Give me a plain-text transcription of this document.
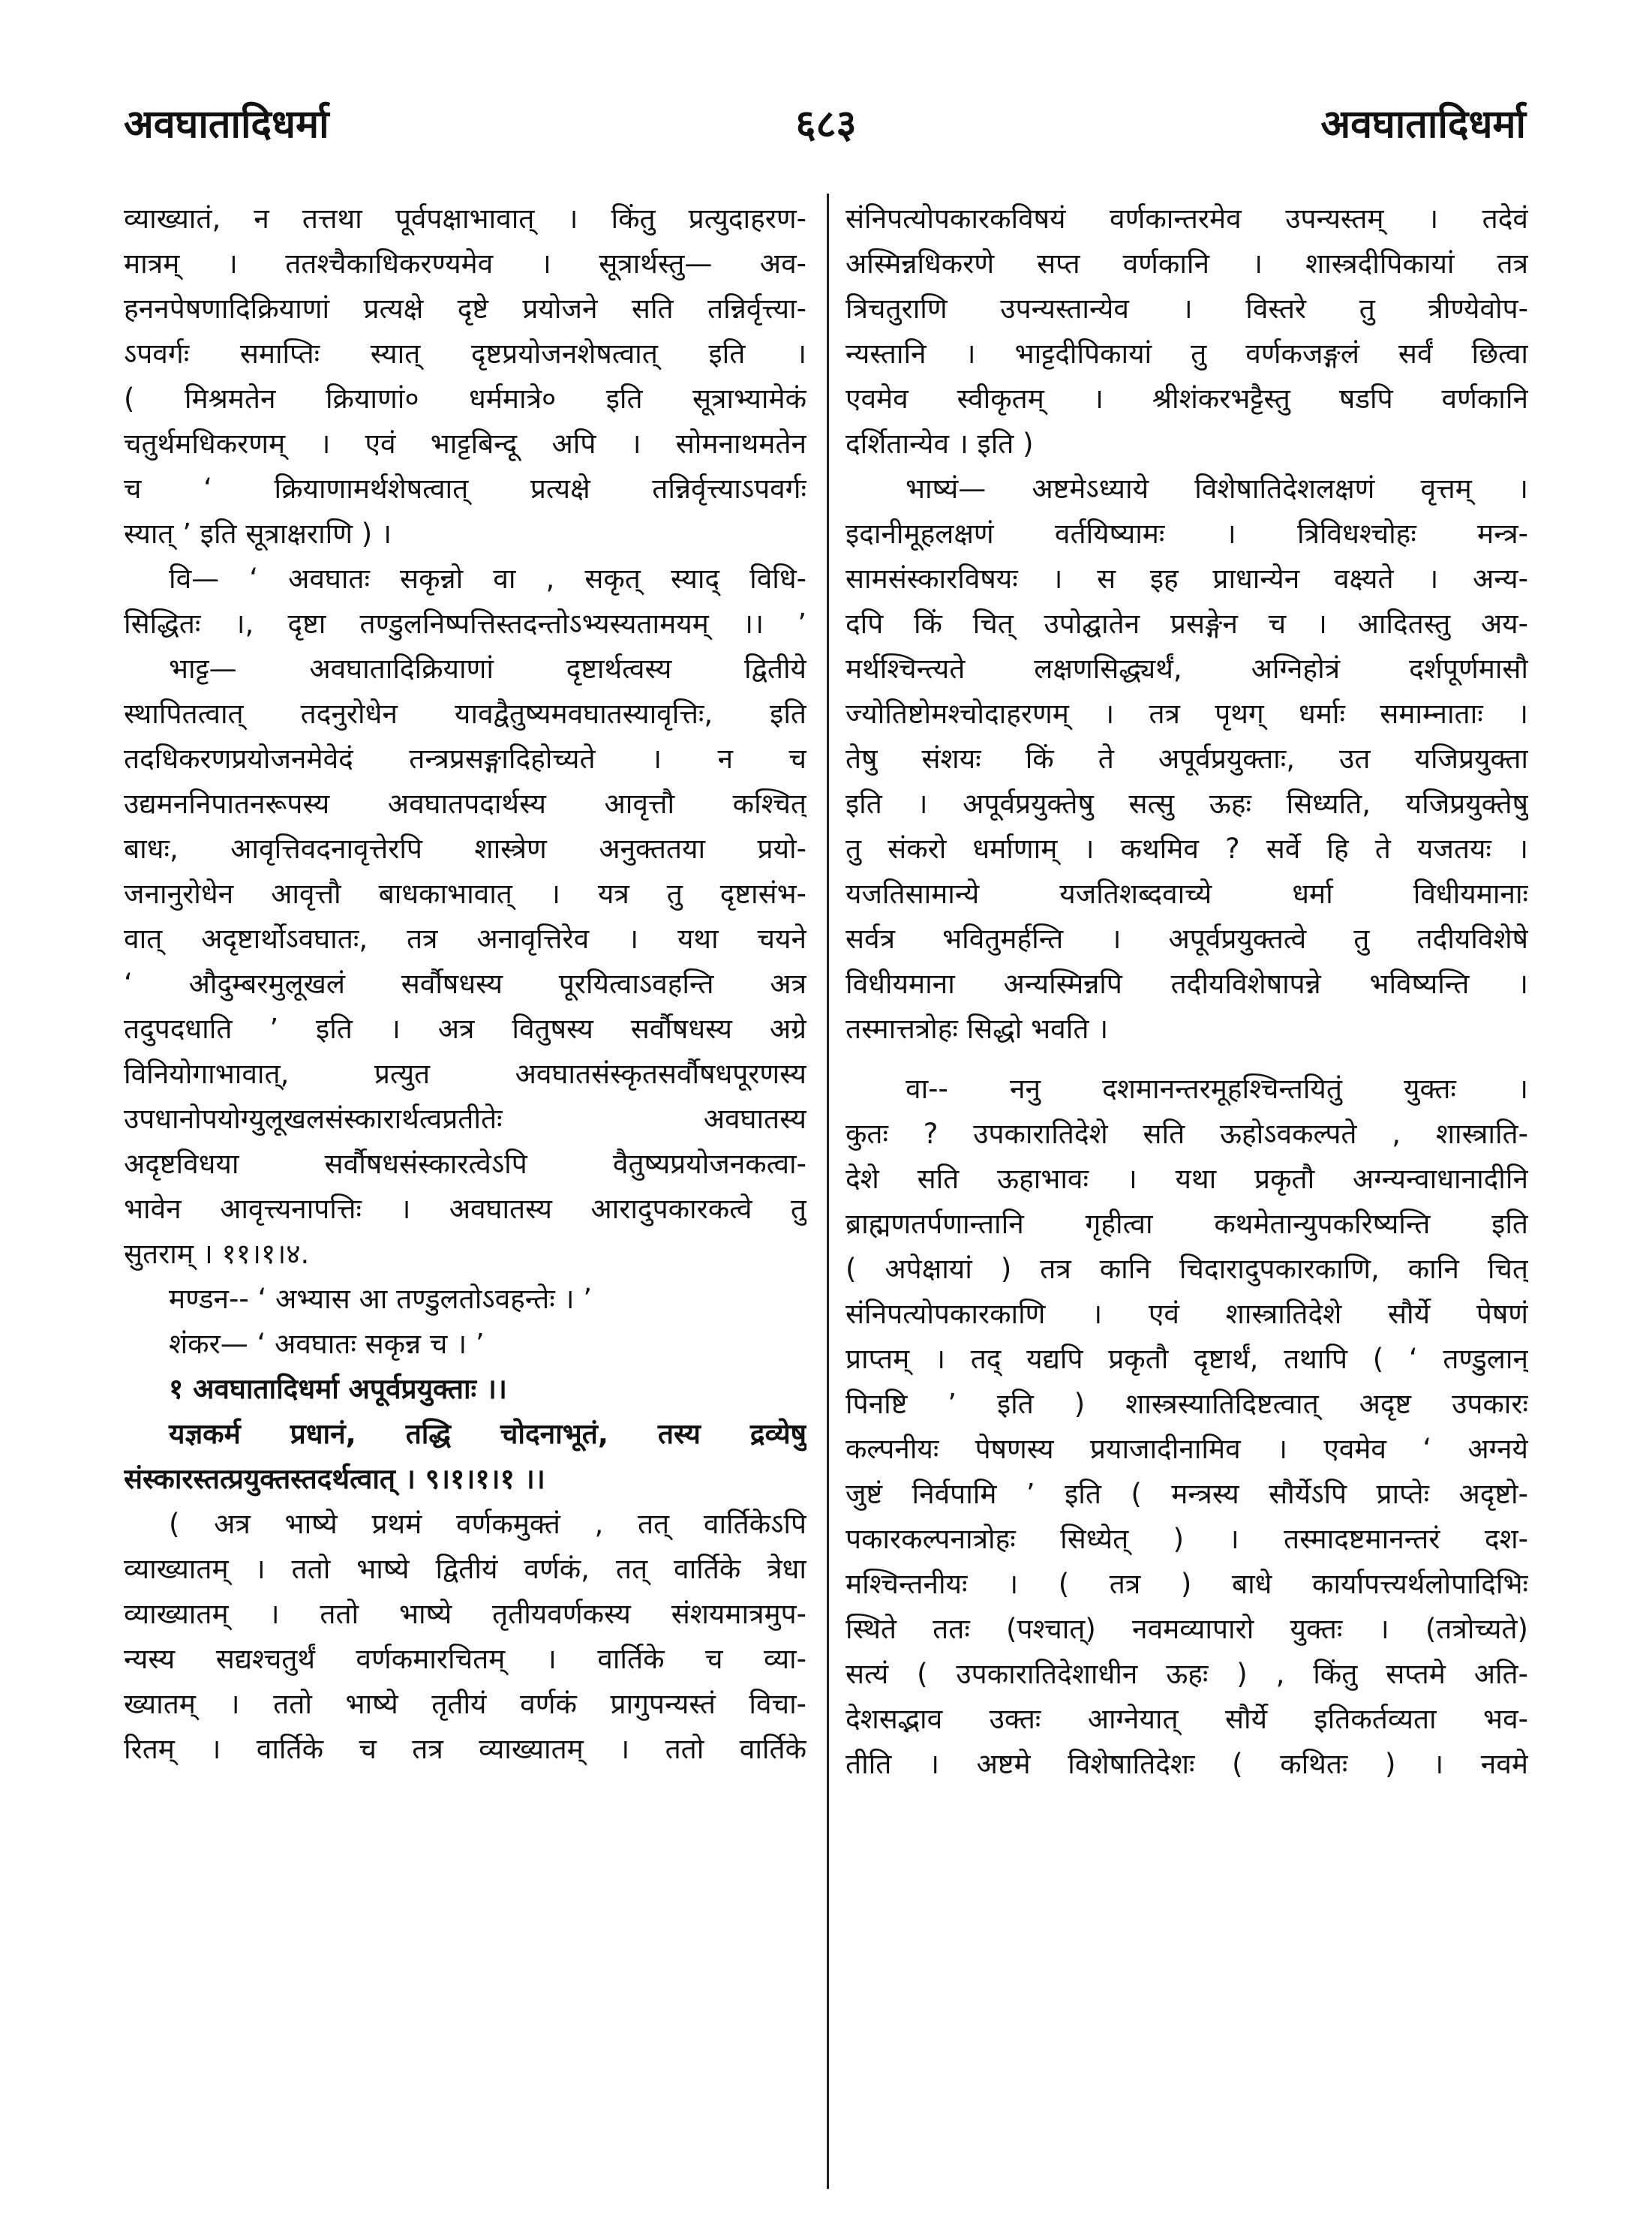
अवघातादिधर्मा	६८३	अवघातादिधर्मा
व्याख्यातं, न तत्तथा पूर्वपक्षाभावात् । किंतु प्रत्युदाहरण-
मात्रम् । ततश्चैकाधिकरण्यमेव । सूत्रार्थस्तु— अव-
हननपेषणादिक्रियाणां प्रत्यक्षे दृष्टे प्रयोजने सति तन्निर्वृत्त्या-
ऽपवर्गः समाप्तिः स्यात् दृष्टप्रयोजनशेषत्वात् इति ।
( मिश्रमतेन क्रियाणां० धर्ममात्रे० इति सूत्राभ्यामेकं
चतुर्थमधिकरणम् । एवं भाट्टबिन्दू अपि । सोमनाथमतेन
च ‘ क्रियाणामर्थशेषत्वात् प्रत्यक्षे तन्निर्वृत्त्याऽपवर्गः
स्यात् ’ इति सूत्राक्षराणि ) ।
वि— ‘ अवघातः सकृन्नो वा , सकृत् स्याद् विधि-
सिद्धितः ।, दृष्टा तण्डुलनिष्पत्तिस्तदन्तोऽभ्यस्यतामयम् ।। ’
भाट्ट— अवघातादिक्रियाणां दृष्टार्थत्वस्य द्वितीये
स्थापितत्वात् तदनुरोधेन यावद्वैतुष्यमवघातस्यावृत्तिः, इति
तदधिकरणप्रयोजनमेवेदं तन्त्रप्रसङ्गादिहोच्यते । न च
उद्यमननिपातनरूपस्य अवघातपदार्थस्य आवृत्तौ कश्चित्
बाधः, आवृत्तिवदनावृत्तेरपि शास्त्रेण अनुक्ततया प्रयो-
जनानुरोधेन आवृत्तौ बाधकाभावात् । यत्र तु दृष्टासंभ-
वात् अदृष्टार्थोऽवघातः, तत्र अनावृत्तिरेव । यथा चयने
‘ औदुम्बरमुलूखलं सर्वौषधस्य पूरयित्वाऽवहन्ति अत्र
तदुपदधाति ’ इति । अत्र वितुषस्य सर्वौषधस्य अग्रे
विनियोगाभावात्, प्रत्युत अवघातसंस्कृतसर्वौषधपूरणस्य
उपधानोपयोग्युलूखलसंस्कारार्थत्वप्रतीतेः अवघातस्य
अदृष्टविधया सर्वौषधसंस्कारत्वेऽपि वैतुष्यप्रयोजनकत्वा-
भावेन आवृत्त्यनापत्तिः । अवघातस्य आरादुपकारकत्वे तु
सुतराम् । ११।१।४.
मण्डन-- ‘ अभ्यास आ तण्डुलतोऽवहन्तेः । ’
शंकर— ‘ अवघातः सकृन्न च । ’
१ अवघातादिधर्मा अपूर्वप्रयुक्ताः ।।
यज्ञकर्म प्रधानं, तद्धि चोदनाभूतं, तस्य द्रव्येषु
संस्कारस्तत्प्रयुक्तस्तदर्थत्वात् । ९।१।१।१ ।।
( अत्र भाष्ये प्रथमं वर्णकमुक्तं , तत् वार्तिकेऽपि
व्याख्यातम् । ततो भाष्ये द्वितीयं वर्णकं, तत् वार्तिके त्रेधा
व्याख्यातम् । ततो भाष्ये तृतीयवर्णकस्य संशयमात्रमुप-
न्यस्य सद्यश्चतुर्थं वर्णकमारचितम् । वार्तिके च व्या-
ख्यातम् । ततो भाष्ये तृतीयं वर्णकं प्रागुपन्यस्तं विचा-
रितम् । वार्तिके च तत्र व्याख्यातम् । ततो वार्तिके
संनिपत्योपकारकविषयं वर्णकान्तरमेव उपन्यस्तम् । तदेवं
अस्मिन्नधिकरणे सप्त वर्णकानि । शास्त्रदीपिकायां तत्र
त्रिचतुराणि उपन्यस्तान्येव । विस्तरे तु त्रीण्येवोप-
न्यस्तानि । भाट्टदीपिकायां तु वर्णकजङ्गलं सर्वं छित्वा
एवमेव स्वीकृतम् । श्रीशंकरभट्टैस्तु षडपि वर्णकानि
दर्शितान्येव । इति )
भाष्यं— अष्टमेऽध्याये विशेषातिदेशलक्षणं वृत्तम् ।
इदानीमूहलक्षणं वर्तयिष्यामः । त्रिविधश्चोहः मन्त्र-
सामसंस्कारविषयः । स इह प्राधान्येन वक्ष्यते । अन्य-
दपि किं चित् उपोद्घातेन प्रसङ्गेन च । आदितस्तु अय-
मर्थश्चिन्त्यते लक्षणसिद्ध्यर्थं, अग्निहोत्रं दर्शपूर्णमासौ
ज्योतिष्टोमश्चोदाहरणम् । तत्र पृथग् धर्माः समाम्नाताः ।
तेषु संशयः किं ते अपूर्वप्रयुक्ताः, उत यजिप्रयुक्ता
इति । अपूर्वप्रयुक्तेषु सत्सु ऊहः सिध्यति, यजिप्रयुक्तेषु
तु संकरो धर्माणाम् । कथमिव ? सर्वे हि ते यजतयः ।
यजतिसामान्ये यजतिशब्दवाच्ये धर्मा विधीयमानाः
सर्वत्र भवितुमर्हन्ति । अपूर्वप्रयुक्तत्वे तु तदीयविशेषे
विधीयमाना अन्यस्मिन्नपि तदीयविशेषापन्ने भविष्यन्ति ।
तस्मात्तत्रोहः सिद्धो भवति ।
वा-- ननु दशमानन्तरमूहश्चिन्तयितुं युक्तः ।
कुतः ? उपकारातिदेशे सति ऊहोऽवकल्पते , शास्त्राति-
देशे सति ऊहाभावः । यथा प्रकृतौ अग्न्यन्वाधानादीनि
ब्राह्मणतर्पणान्तानि गृहीत्वा कथमेतान्युपकरिष्यन्ति इति
( अपेक्षायां ) तत्र कानि चिदारादुपकारकाणि, कानि चित्
संनिपत्योपकारकाणि । एवं शास्त्रातिदेशे सौर्ये पेषणं
प्राप्तम् । तद् यद्यपि प्रकृतौ दृष्टार्थं, तथापि ( ‘ तण्डुलान्
पिनष्टि ’ इति ) शास्त्रस्यातिदिष्टत्वात् अदृष्ट उपकारः
कल्पनीयः पेषणस्य प्रयाजादीनामिव । एवमेव ‘ अग्नये
जुष्टं निर्वपामि ’ इति ( मन्त्रस्य सौर्येऽपि प्राप्तेः अदृष्टो-
पकारकल्पनात्रोहः सिध्येत् ) । तस्मादष्टमानन्तरं दश-
मश्चिन्तनीयः । ( तत्र ) बाधे कार्यापत्त्यर्थलोपादिभिः
स्थिते ततः (पश्चात्) नवमव्यापारो युक्तः । (तत्रोच्यते)
सत्यं ( उपकारातिदेशाधीन ऊहः ) , किंतु सप्तमे अति-
देशसद्भाव उक्तः आग्नेयात् सौर्ये इतिकर्तव्यता भव-
तीति । अष्टमे विशेषातिदेशः ( कथितः ) । नवमे
